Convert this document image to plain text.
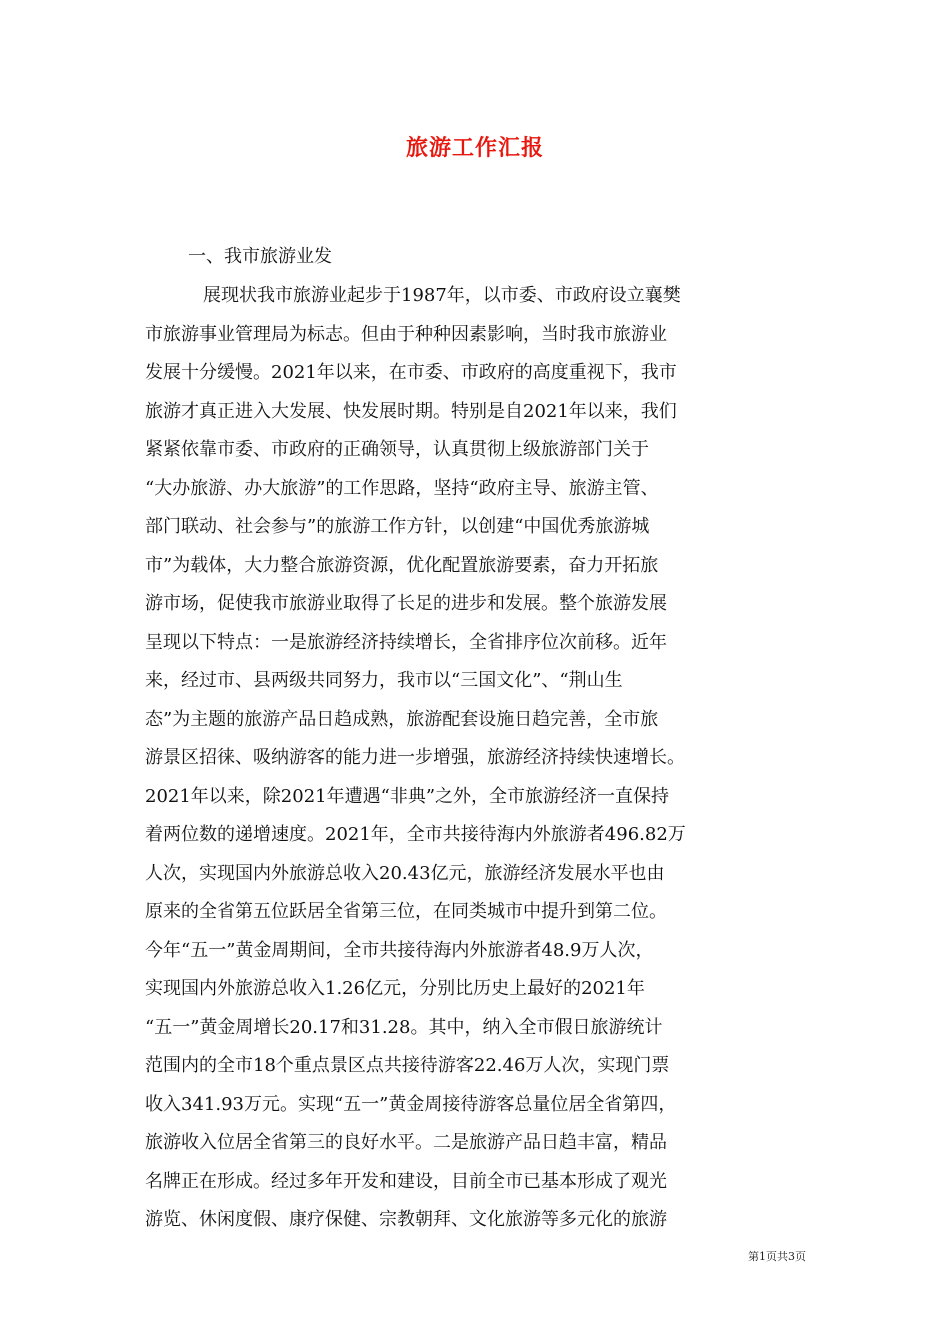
旅游工作汇报
一、我市旅游业发
展现状我市旅游业起步于1987年，以市委、市政府设立襄樊
市旅游事业管理局为标志。但由于种种因素影响，当时我市旅游业
发展十分缓慢。2021年以来，在市委、市政府的高度重视下，我市
旅游才真正进入大发展、快发展时期。特别是自2021年以来，我们
紧紧依靠市委、市政府的正确领导，认真贯彻上级旅游部门关于
“大办旅游、办大旅游”的工作思路，坚持“政府主导、旅游主管、
部门联动、社会参与”的旅游工作方针，以创建“中国优秀旅游城
市”为载体，大力整合旅游资源，优化配置旅游要素，奋力开拓旅
游市场，促使我市旅游业取得了长足的进步和发展。整个旅游发展
呈现以下特点：一是旅游经济持续增长，全省排序位次前移。近年
来，经过市、县两级共同努力，我市以“三国文化”、“荆山生
态”为主题的旅游产品日趋成熟，旅游配套设施日趋完善，全市旅
游景区招徕、吸纳游客的能力进一步增强，旅游经济持续快速增长。
2021年以来，除2021年遭遇“非典”之外，全市旅游经济一直保持
着两位数的递增速度。2021年，全市共接待海内外旅游者496.82万
人次，实现国内外旅游总收入20.43亿元，旅游经济发展水平也由
原来的全省第五位跃居全省第三位，在同类城市中提升到第二位。
今年“五一”黄金周期间，全市共接待海内外旅游者48.9万人次，
实现国内外旅游总收入1.26亿元，分别比历史上最好的2021年
“五一”黄金周增长20.17和31.28。其中，纳入全市假日旅游统计
范围内的全市18个重点景区点共接待游客22.46万人次，实现门票
收入341.93万元。实现“五一”黄金周接待游客总量位居全省第四，
旅游收入位居全省第三的良好水平。二是旅游产品日趋丰富，精品
名牌正在形成。经过多年开发和建设，目前全市已基本形成了观光
游览、休闲度假、康疗保健、宗教朝拜、文化旅游等多元化的旅游
第1页共3页
